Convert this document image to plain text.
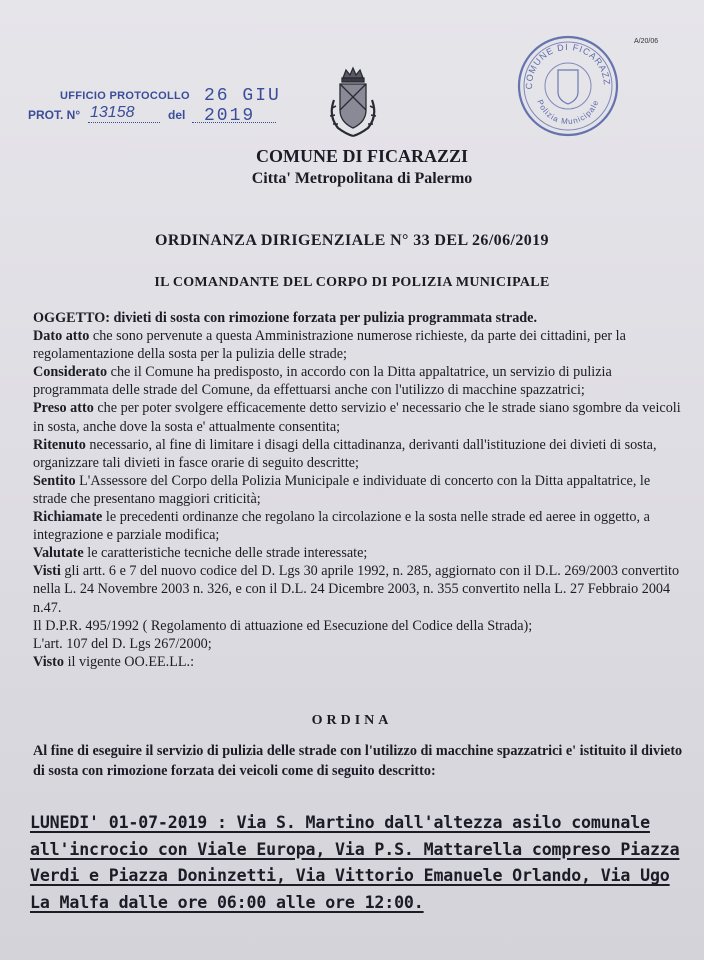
UFFICIO PROTOCOLLO 26 GIU 2019
PROT. N° 13158	del
COMUNE DI FICARAZZ
Polizia Municipale
A/20/06
COMUNE DI FICARAZZI
Citta' Metropolitana di Palermo
ORDINANZA DIRIGENZIALE N° 33 DEL 26/06/2019
IL COMANDANTE DEL CORPO DI POLIZIA MUNICIPALE

OGGETTO: divieti di sosta con rimozione forzata per pulizia programmata strade.

Dato atto che sono pervenute a questa Amministrazione numerose richieste, da parte dei cittadini, per la regolamentazione della sosta per la pulizia delle strade;

Considerato che il Comune ha predisposto, in accordo con la Ditta appaltatrice, un servizio di pulizia programmata delle strade del Comune, da effettuarsi anche con l'utilizzo di macchine spazzatrici;

Preso atto che per poter svolgere efficacemente detto servizio e' necessario che le strade siano sgombre da veicoli in sosta, anche dove la sosta e' attualmente consentita;

Ritenuto necessario, al fine di limitare i disagi della cittadinanza, derivanti dall'istituzione dei divieti di sosta, organizzare tali divieti in fasce orarie di seguito descritte;

Sentito L'Assessore del Corpo della Polizia Municipale e individuate di concerto con la Ditta appaltatrice, le strade che presentano maggiori criticità;

Richiamate le precedenti ordinanze che regolano la circolazione e la sosta nelle strade ed aeree in oggetto, a integrazione e parziale modifica;

Valutate le caratteristiche tecniche delle strade interessate;

Visti gli artt. 6 e 7 del nuovo codice del D. Lgs 30 aprile 1992, n. 285, aggiornato con il D.L. 269/2003 convertito nella L. 24 Novembre 2003 n. 326, e con il D.L. 24 Dicembre 2003, n. 355 convertito nella L. 27 Febbraio 2004 n.47.

Il D.P.R. 495/1992 ( Regolamento di attuazione ed Esecuzione del Codice della Strada);

L'art. 107 del D. Lgs 267/2000;

Visto il vigente OO.EE.LL.:

ORDINA
Al fine di eseguire il servizio di pulizia delle strade con l'utilizzo di macchine spazzatrici e' istituito il divieto di sosta con rimozione forzata dei veicoli come di seguito descritto:
LUNEDI' 01-07-2019 : Via S. Martino dall'altezza asilo comunale all'incrocio con Viale Europa, Via P.S. Mattarella compreso Piazza Verdi e Piazza Doninzetti, Via Vittorio Emanuele Orlando, Via Ugo La Malfa dalle ore 06:00 alle ore 12:00.
